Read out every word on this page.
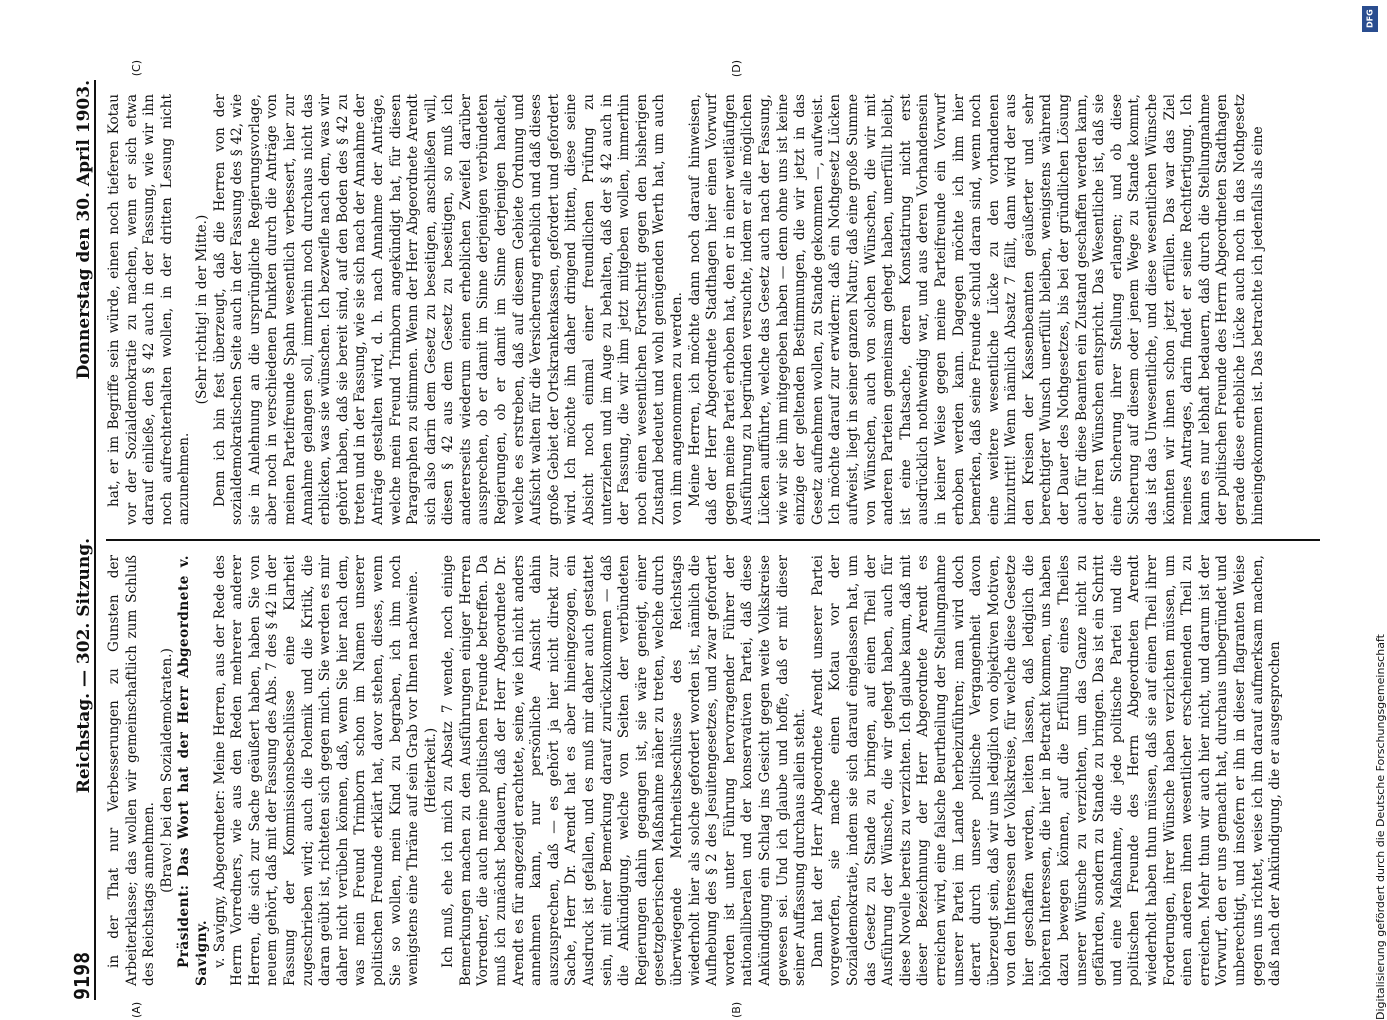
9198
Reichstag. — 302. Sitzung.
Donnerstag den 30. April 1903.
(A)	(B)
(C)	(D)

in der That nur Verbesserungen zu Gunsten der Arbeiterklasse; das wollen wir gemeinschaftlich zum Schluß des Reichstags annehmen.

(Bravo! bei den Sozialdemokraten.) Präsident: Das Wort hat der Herr Abgeordnete v. Savigny. v. Savigny, Abgeordneter: Meine Herren, aus der Rede des Herrn Vorredners, wie aus den Reden mehrerer anderer Herren, die sich zur Sache geäußert haben, haben Sie von neuem gehört, daß mit der Fassung des Abs. 7 des § 42 in der Fassung der Kommissionsbeschlüsse eine Klarheit zugeschrieben wird; auch die Polemik und die Kritik, die daran geübt ist, richteten sich gegen mich. Sie werden es mir daher nicht verübeln können, daß, wenn Sie hier nach dem, was mein Freund Trimborn schon im Namen unserer politischen Freunde erklärt hat, davor stehen, dieses, wenn Sie so wollen, mein Kind zu begraben, ich ihm noch wenigstens eine Thräne auf sein Grab vor Ihnen nachweine. (Heiterkeit.) Ich muß, ehe ich mich zu Absatz 7 wende, noch einige Bemerkungen machen zu den Ausführungen einiger Herren Vorredner, die auch meine politischen Freunde betreffen. Da muß ich zunächst bedauern, daß der Herr Abgeordnete Dr. Arendt es für angezeigt erachtete, seine, wie ich nicht anders annehmen kann, nur persönliche Ansicht dahin auszusprechen, daß — es gehört ja hier nicht direkt zur Sache, Herr Dr. Arendt hat es aber hineingezogen, ein Ausdruck ist gefallen, und es muß mir daher auch gestattet sein, mit einer Bemerkung darauf zurückzukommen — daß die Ankündigung, welche von Seiten der verbündeten Regierungen dahin gegangen ist, sie wäre geneigt, einer gesetzgeberischen Maßnahme näher zu treten, welche durch überwiegende Mehrheitsbeschlüsse des Reichstags wiederholt hier als solche gefordert worden ist, nämlich die Aufhebung des § 2 des Jesuitengesetzes, und zwar gefordert worden ist unter Führung hervorragender Führer der nationalliberalen und der konservativen Partei, daß diese Ankündigung ein Schlag ins Gesicht gegen weite Volkskreise gewesen sei. Und ich glaube und hoffe, daß er mit dieser seiner Auffassung durchaus allein steht. Dann hat der Herr Abgeordnete Arendt unserer Partei vorgeworfen, sie mache einen Kotau vor der Sozialdemokratie, indem sie sich darauf eingelassen hat, um das Gesetz zu Stande zu bringen, auf einen Theil der Ausführung der Wünsche, die wir gehegt haben, auch für diese Novelle bereits zu verzichten. Ich glaube kaum, daß mit dieser Bezeichnung der Herr Abgeordnete Arendt es erreichen wird, eine falsche Beurtheilung der Stellungnahme unserer Partei im Lande herbeizuführen; man wird doch derart durch unsere politische Vergangenheit davon überzeugt sein, daß wir uns lediglich von objektiven Motiven, von den Interessen der Volkskreise, für welche diese Gesetze hier geschaffen werden, leiten lassen, daß lediglich die höheren Interessen, die hier in Betracht kommen, uns haben dazu bewegen können, auf die Erfüllung eines Theiles unserer Wünsche zu verzichten, um das Ganze nicht zu gefährden, sondern zu Stande zu bringen. Das ist ein Schritt und eine Maßnahme, die jede politische Partei und die politischen Freunde des Herrn Abgeordneten Arendt wiederholt haben thun müssen, daß sie auf einen Theil ihrer Forderungen, ihrer Wünsche haben verzichten müssen, um einen anderen ihnen wesentlicher erscheinenden Theil zu erreichen. Mehr thun wir auch hier nicht, und darum ist der Vorwurf, den er uns gemacht hat, durchaus unbegründet und unberechtigt, und insofern er ihn in dieser flagranten Weise gegen uns richtet, weise ich ihn darauf aufmerksam machen, daß nach der Ankündigung, die er ausgesprochen

hat, er im Begriffe sein würde, einen noch tieferen Kotau vor der Sozialdemokratie zu machen, wenn er sich etwa darauf einließe, den § 42 auch in der Fassung, wie wir ihn noch aufrechterhalten wollen, in der dritten Lesung nicht anzunehmen.

(Sehr richtig! in der Mitte.) Denn ich bin fest überzeugt, daß die Herren von der sozialdemokratischen Seite auch in der Fassung des § 42, wie sie in Anlehnung an die ursprüngliche Regierungsvorlage, aber noch in verschiedenen Punkten durch die Anträge von meinen Parteifreunde Spahn wesentlich verbessert, hier zur Annahme gelangen soll, immerhin noch durchaus nicht das erblicken, was sie wünschen. Ich bezweifle nach dem, was wir gehört haben, daß sie bereit sind, auf den Boden des § 42 zu treten und in der Fassung, wie sie sich nach der Annahme der Anträge gestalten wird, d. h. nach Annahme der Anträge, welche mein Freund Trimborn angekündigt hat, für diesen Paragraphen zu stimmen. Wenn der Herr Abgeordnete Arendt sich also darin dem Gesetz zu beseitigen, anschließen will, diesen § 42 aus dem Gesetz zu beseitigen, so muß ich andererseits wiederum einen erheblichen Zweifel darüber aussprechen, ob er damit im Sinne derjenigen verbündeten Regierungen, ob er damit im Sinne derjenigen handelt, welche es erstreben, daß auf diesem Gebiete Ordnung und Aufsicht walten für die Versicherung erheblich und daß dieses große Gebiet der Ortskrankenkassen, gefordert und gefordert wird. Ich möchte ihn daher dringend bitten, diese seine Absicht noch einmal einer freundlichen Prüfung zu unterziehen und im Auge zu behalten, daß der § 42 auch in der Fassung, die wir ihm jetzt mitgeben wollen, immerhin noch einen wesentlichen Fortschritt gegen den bisherigen Zustand bedeutet und wohl genügenden Werth hat, um auch von ihm angenommen zu werden. Meine Herren, ich möchte dann noch darauf hinweisen, daß der Herr Abgeordnete Stadthagen hier einen Vorwurf gegen meine Partei erhoben hat, den er in einer weitläufigen Ausführung zu begründen versuchte, indem er alle möglichen Lücken aufführte, welche das Gesetz auch nach der Fassung, wie wir sie ihm mitgegeben haben — denn ohne uns ist keine einzige der geltenden Bestimmungen, die wir jetzt in das Gesetz aufnehmen wollen, zu Stande gekommen —, aufweist. Ich möchte darauf zur erwidern: daß ein Nothgesetz Lücken aufweist, liegt in seiner ganzen Natur; daß eine große Summe von Wünschen, auch von solchen Wünschen, die wir mit anderen Parteien gemeinsam gehegt haben, unerfüllt bleibt, ist eine Thatsache, deren Konstatirung nicht erst ausdrücklich nothwendig war, und aus deren Vorhandensein in keiner Weise gegen meine Parteifreunde ein Vorwurf erhoben werden kann. Dagegen möchte ich ihm hier bemerken, daß seine Freunde schuld daran sind, wenn noch eine weitere wesentliche Lücke zu den vorhandenen hinzutritt! Wenn nämlich Absatz 7 fällt, dann wird der aus den Kreisen der Kassenbeamten geäußerter und sehr berechtigter Wunsch unerfüllt bleiben, wenigstens während der Dauer des Nothgesetzes, bis bei der gründlichen Lösung auch für diese Beamten ein Zustand geschaffen werden kann, der ihren Wünschen entspricht. Das Wesentliche ist, daß sie eine Sicherung ihrer Stellung erlangen; und ob diese Sicherung auf diesem oder jenem Wege zu Stande kommt, das ist das Unwesentliche, und diese wesentlichen Wünsche könnten wir ihnen schon jetzt erfüllen. Das war das Ziel meines Antrages, darin findet er seine Rechtfertigung. Ich kann es nur lebhaft bedauern, daß durch die Stellungnahme der politischen Freunde des Herrn Abgeordneten Stadthagen gerade diese erhebliche Lücke auch noch in das Nothgesetz hineingekommen ist. Das betrachte ich jedenfalls als eine

DFG
Digitalisierung gefördert durch die Deutsche Forschungsgemeinschaft
